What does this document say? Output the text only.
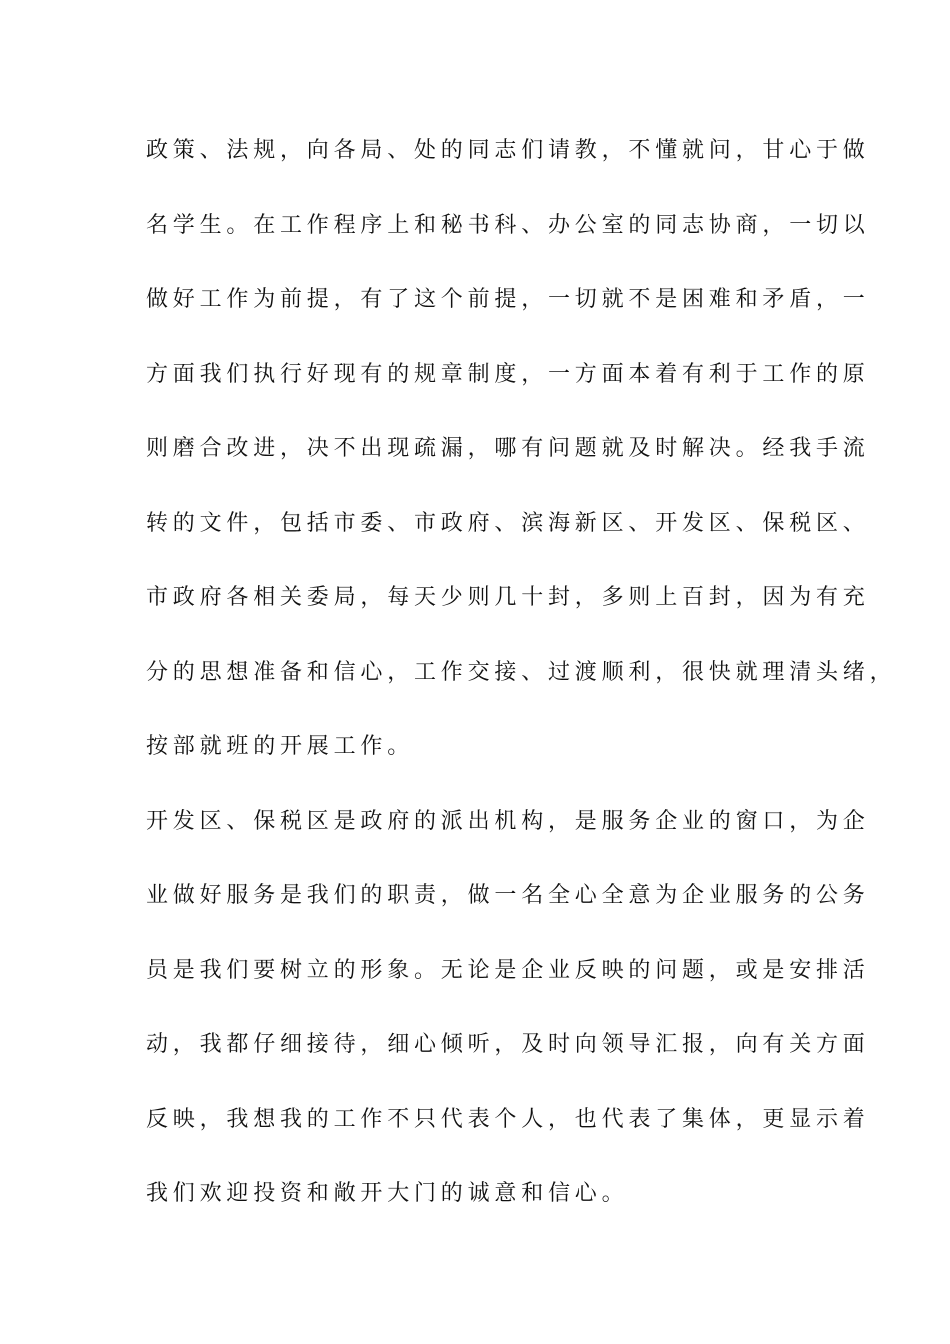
政策、法规，向各局、处的同志们请教，不懂就问，甘心于做
名学生。在工作程序上和秘书科、办公室的同志协商，一切以
做好工作为前提，有了这个前提，一切就不是困难和矛盾，一
方面我们执行好现有的规章制度，一方面本着有利于工作的原
则磨合改进，决不出现疏漏，哪有问题就及时解决。经我手流
转的文件，包括市委、市政府、滨海新区、开发区、保税区、
市政府各相关委局，每天少则几十封，多则上百封，因为有充
分的思想准备和信心，工作交接、过渡顺利，很快就理清头绪，
按部就班的开展工作。
开发区、保税区是政府的派出机构，是服务企业的窗口，为企
业做好服务是我们的职责，做一名全心全意为企业服务的公务
员是我们要树立的形象。无论是企业反映的问题，或是安排活
动，我都仔细接待，细心倾听，及时向领导汇报，向有关方面
反映，我想我的工作不只代表个人，也代表了集体，更显示着
我们欢迎投资和敞开大门的诚意和信心。
